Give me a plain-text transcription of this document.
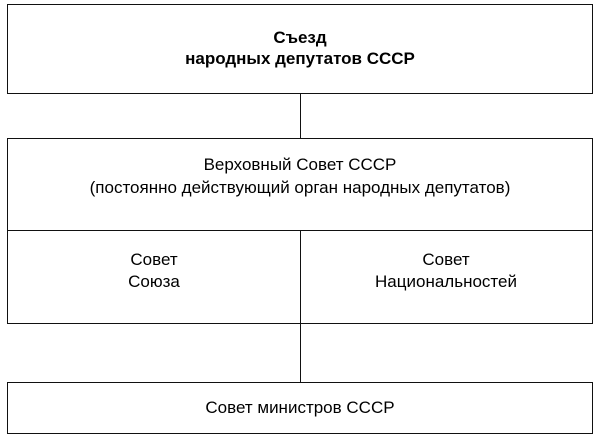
Съезд
народных депутатов СССР
Верховный Совет СССР
(постоянно действующий орган народных депутатов)
Совет
Союза
Совет
Национальностей
Совет министров СССР
